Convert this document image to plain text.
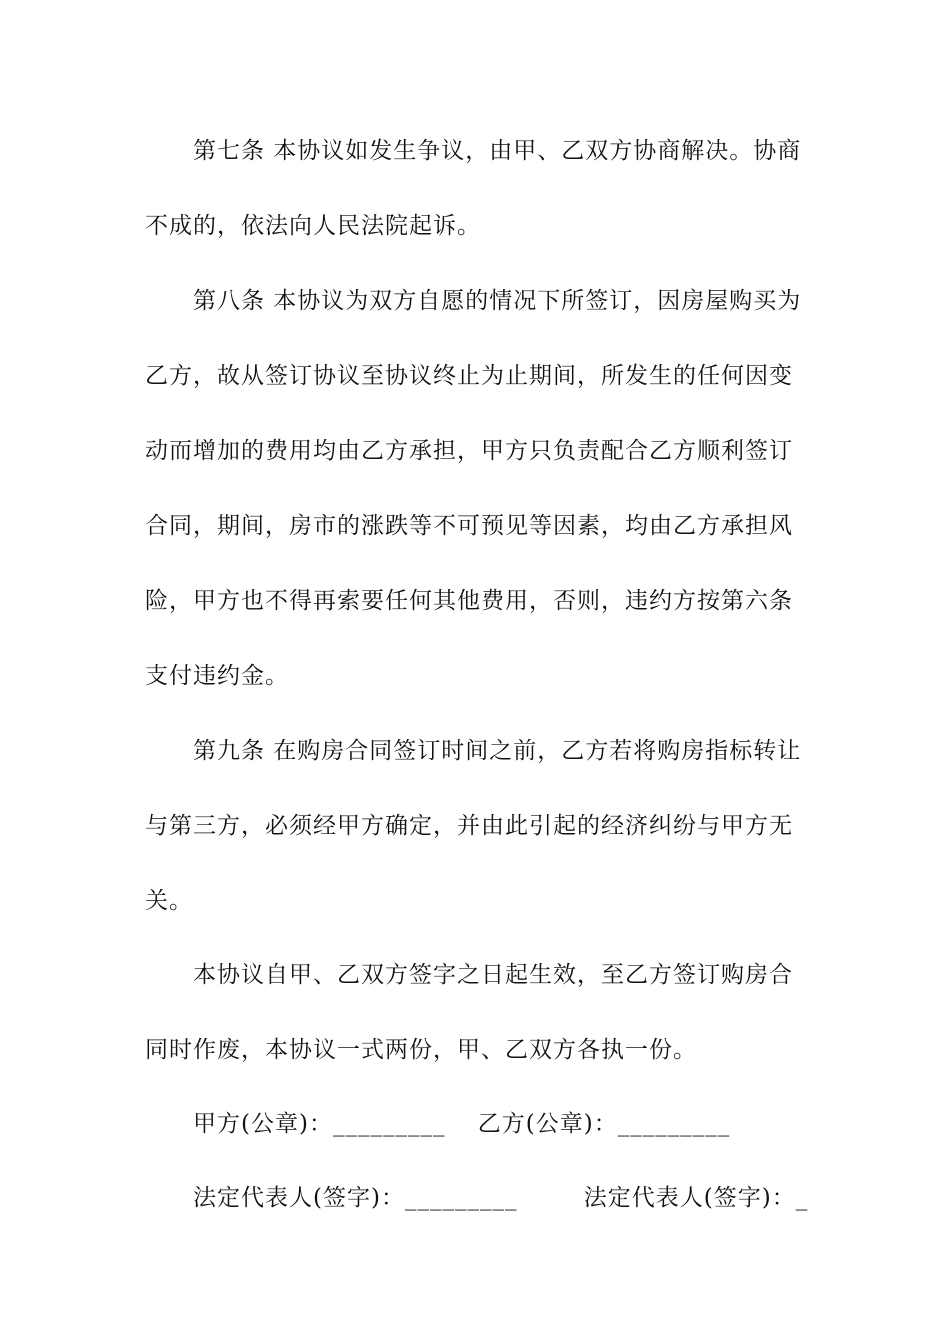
第七条 本协议如发生争议，由甲、乙双方协商解决。协商
不成的，依法向人民法院起诉。
第八条 本协议为双方自愿的情况下所签订，因房屋购买为
乙方，故从签订协议至协议终止为止期间，所发生的任何因变
动而增加的费用均由乙方承担，甲方只负责配合乙方顺利签订
合同，期间，房市的涨跌等不可预见等因素，均由乙方承担风
险，甲方也不得再索要任何其他费用，否则，违约方按第六条
支付违约金。
第九条 在购房合同签订时间之前，乙方若将购房指标转让
与第三方，必须经甲方确定，并由此引起的经济纠纷与甲方无
关。
本协议自甲、乙双方签字之日起生效，至乙方签订购房合
同时作废，本协议一式两份，甲、乙双方各执一份。
甲方(公章)：_________ 乙方(公章)：_________
法定代表人(签字)：_________	法定代表人(签字)：_
